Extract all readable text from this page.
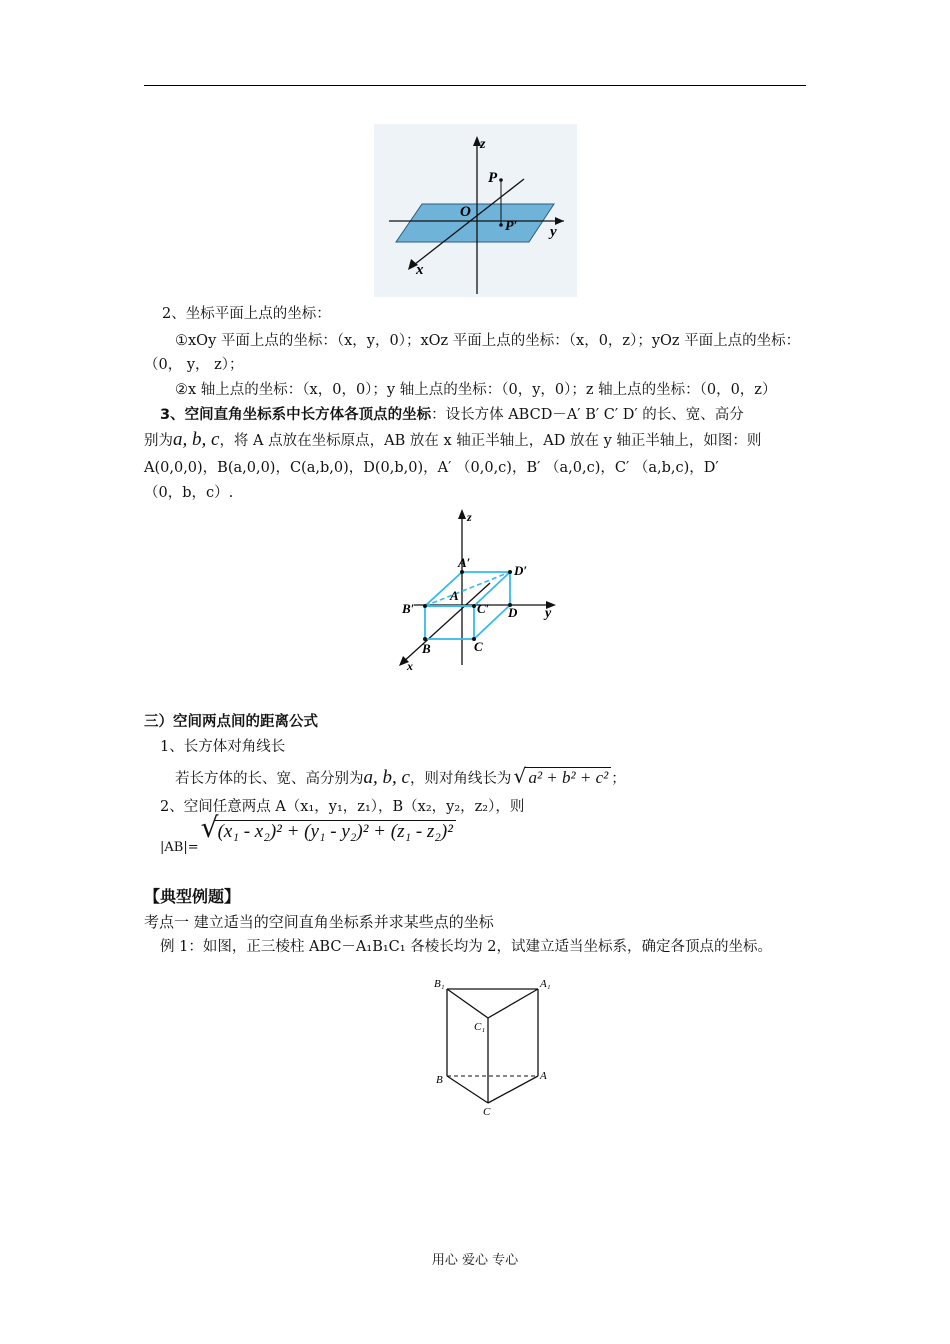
z
y
x
O
P
P′
2、坐标平面上点的坐标：
①xOy 平面上点的坐标：（x，y，0）；xOz 平面上点的坐标：（x，0，z）；yOz 平面上点的坐标：
（0， y， z）；
②x 轴上点的坐标：（x，0，0）；y 轴上点的坐标：（0，y，0）；z 轴上点的坐标：（0，0，z）
3、空间直角坐标系中长方体各顶点的坐标：设长方体 ABCD－A′ B′ C′ D′ 的长、宽、高分
别为a, b, c，将 A 点放在坐标原点，AB 放在 x 轴正半轴上，AD 放在 y 轴正半轴上，如图：则
A(0,0,0)，B(a,0,0)，C(a,b,0)，D(0,b,0)，A′ （0,0,c)，B′ （a,0,c)，C′ （a,b,c)，D′
（0，b，c）.
z
y
x
A′
D′
B′	C′
A
D
B	C
三）空间两点间的距离公式
1、长方体对角线长
若长方体的长、宽、高分别为a, b, c，则对角线长为 √ a² + b² + c² ；
2、空间任意两点 A（x₁，y₁，z₁），B（x₂，y₂，z₂），则
|AB|=
√ (x₁ - x₂)² + (y₁ - y₂)² + (z₁ - z₂)²
【典型例题】
考点一 建立适当的空间直角坐标系并求某些点的坐标
例 1：如图，正三棱柱 ABC－A₁B₁C₁ 各棱长均为 2，试建立适当坐标系，确定各顶点的坐标。
B₁	A₁
C₁
B	A
C
用心 爱心 专心
